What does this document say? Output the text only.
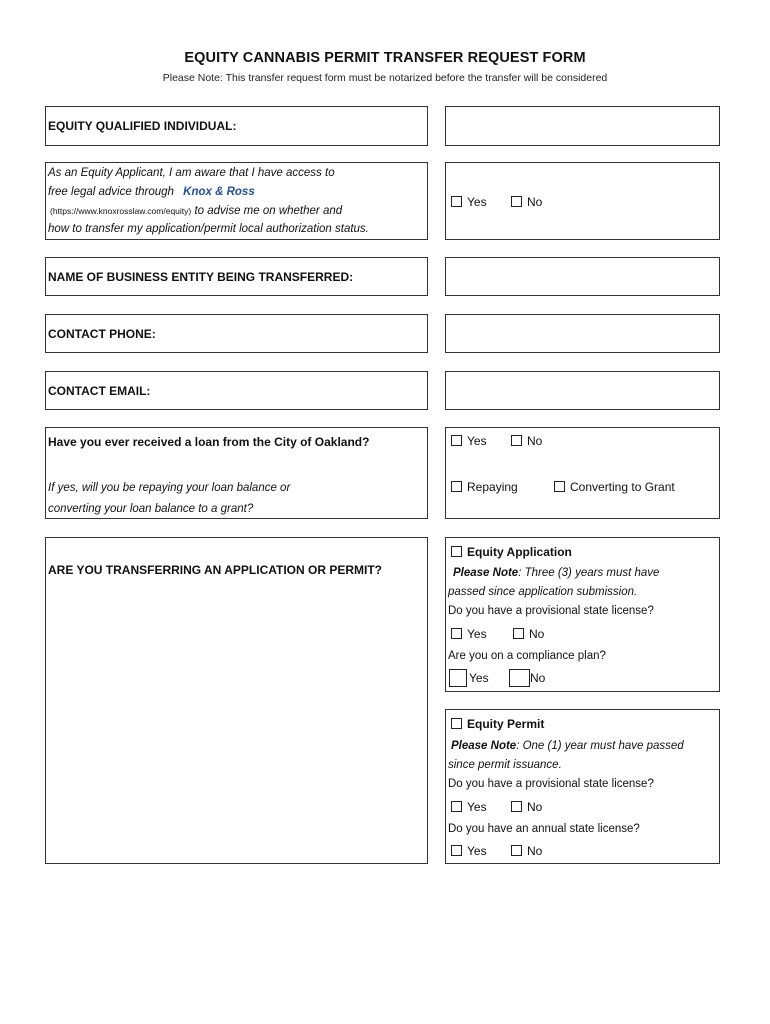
EQUITY CANNABIS PERMIT TRANSFER REQUEST FORM
Please Note: This transfer request form must be notarized before the transfer will be considered
EQUITY QUALIFIED INDIVIDUAL:
As an Equity Applicant, I am aware that I have access to
free legal advice through Knox & Ross
(https://www.knoxrosslaw.com/equity) to advise me on whether and
how to transfer my application/permit local authorization status.
Yes	No
NAME OF BUSINESS ENTITY BEING TRANSFERRED:
CONTACT PHONE:
CONTACT EMAIL:
Have you ever received a loan from the City of Oakland?
If yes, will you be repaying your loan balance or
converting your loan balance to a grant?
Yes	No
Repaying	Converting to Grant
ARE YOU TRANSFERRING AN APPLICATION OR PERMIT?
Equity Application
Please Note: Three (3) years must have
passed since application submission.
Do you have a provisional state license?
Yes	No
Are you on a compliance plan?
Yes	No
Equity Permit
Please Note: One (1) year must have passed
since permit issuance.
Do you have a provisional state license?
Yes	No
Do you have an annual state license?
Yes	No
